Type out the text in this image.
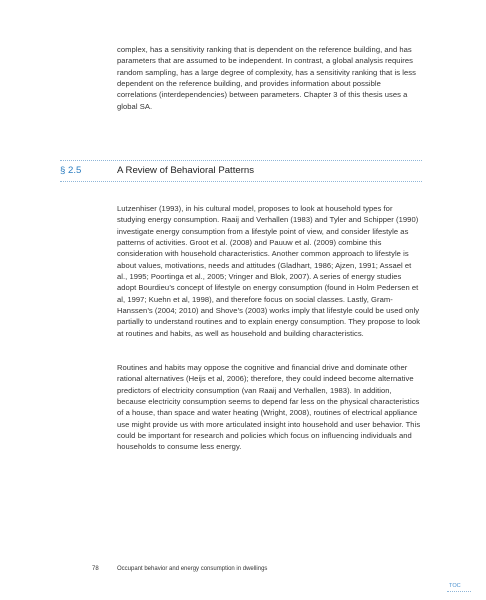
complex, has a sensitivity ranking that is dependent on the reference building, and has parameters that are assumed to be independent. In contrast, a global analysis requires random sampling, has a large degree of complexity, has a sensitivity ranking that is less dependent on the reference building, and provides information about possible correlations (interdependencies) between parameters. Chapter 3 of this thesis uses a global SA.

§ 2.5	A Review of Behavioral Patterns

Lutzenhiser (1993), in his cultural model, proposes to look at household types for studying energy consumption. Raaij and Verhallen (1983) and Tyler and Schipper (1990) investigate energy consumption from a lifestyle point of view, and consider lifestyle as patterns of activities. Groot et al. (2008) and Pauuw et al. (2009) combine this consideration with household characteristics. Another common approach to lifestyle is about values, motivations, needs and attitudes (Gladhart, 1986; Ajzen, 1991; Assael et al., 1995; Poortinga et al., 2005; Vringer and Blok, 2007). A series of energy studies adopt Bourdieu’s concept of lifestyle on energy consumption (found in Holm Pedersen et al, 1997; Kuehn et al, 1998), and therefore focus on social classes. Lastly, Gram-Hanssen’s (2004; 2010) and Shove’s (2003) works imply that lifestyle could be used only partially to understand routines and to explain energy consumption. They propose to look at routines and habits, as well as household and building characteristics.

Routines and habits may oppose the cognitive and financial drive and dominate other rational alternatives (Heijs et al, 2006); therefore, they could indeed become alternative predictors of electricity consumption (van Raaij and Verhallen, 1983). In addition, because electricity consumption seems to depend far less on the physical characteristics of a house, than space and water heating (Wright, 2008), routines of electrical appliance use might provide us with more articulated insight into household and user behavior. This could be important for research and policies which focus on influencing individuals and households to consume less energy.

78	Occupant behavior and energy consumption in dwellings
TOC
